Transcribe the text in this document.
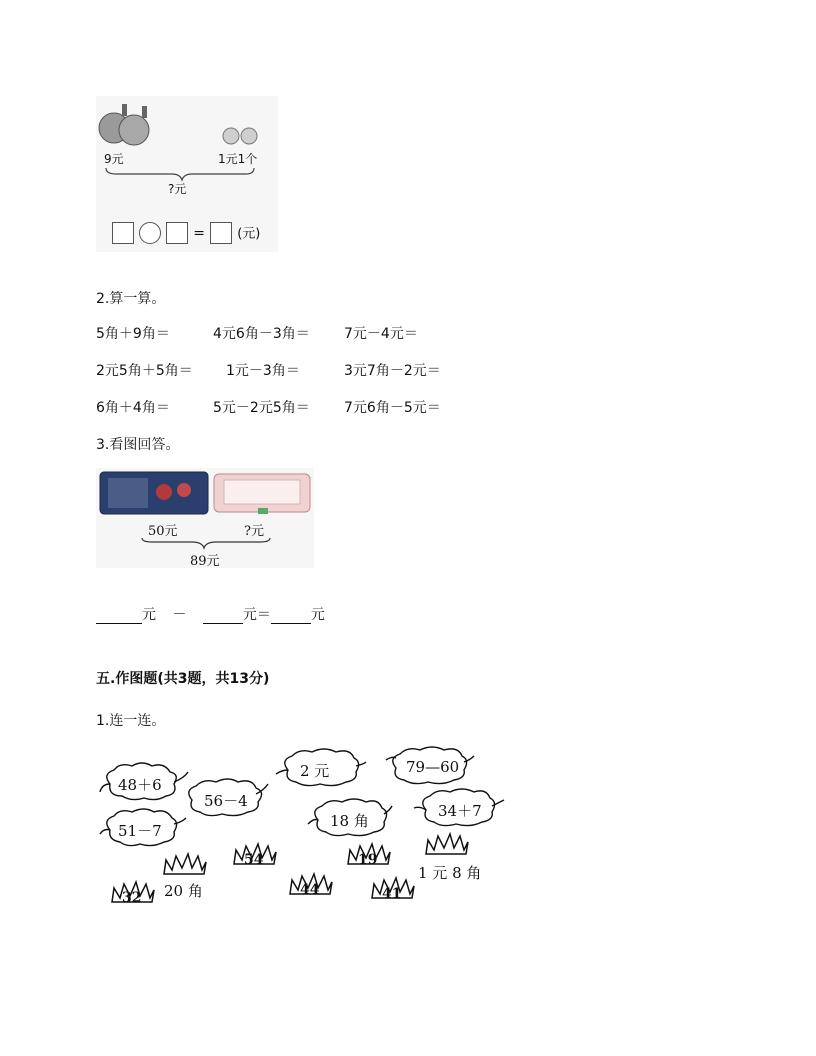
9元	1元1个
?元
= (元)
2.算一算。
5角＋9角＝	4元6角－3角＝ 7元－4元＝
2元5角＋5角＝ 1元－3角＝	3元7角－2元＝
6角＋4角＝	5元－2元5角＝ 7元6角－5元＝
3.看图回答。
50元	?元
89元
元 －	元＝	元
五.作图题(共3题，共13分)
1.连一连。
48＋6
56－4
2 元	79—60
51－7
18 角
34＋7
54	19
44	41
32 20 角
1 元 8 角
